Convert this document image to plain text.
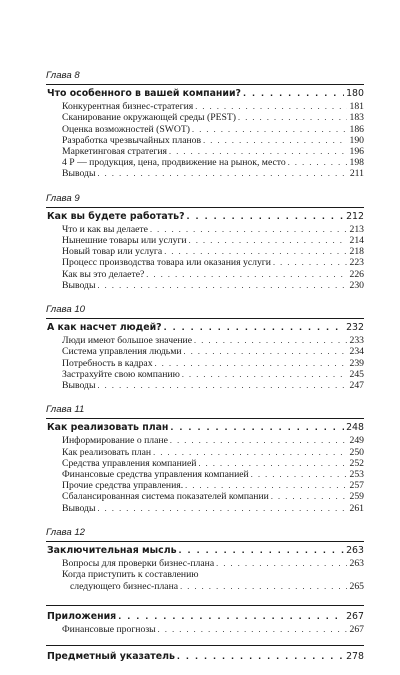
Глава 8
Что особенного в вашей компании? . . .	180
Конкурентная бизнес-стратегия . . .	181
Сканирование окружающей среды (PEST) . . .	183
Оценка возможностей (SWOT) . . .	186
Разработка чрезвычайных планов . . .	190
Маркетинговая стратегия . . .	196
4 Р — продукция, цена, продвижение на рынок, место . . .	198
Выводы . . .	211
Глава 9
Как вы будете работать? . . .	212
Что и как вы делаете . . .	213
Нынешние товары или услуги . . .	214
Новый товар или услуга . . .	218
Процесс производства товара или оказания услуги . . .	223
Как вы это делаете? . . .	226
Выводы . . .	230
Глава 10
А как насчет людей? . . .	232
Люди имеют большое значение . . .	233
Система управления людьми . . .	234
Потребность в кадрах . . .	239
Застрахуйте свою компанию . . .	245
Выводы . . .	247
Глава 11
Как реализовать план . . .	248
Информирование о плане . . .	249
Как реализовать план . . .	250
Средства управления компанией . . .	252
Финансовые средства управления компанией . . .	253
Прочие средства управления. . . .	257
Сбалансированная система показателей компании . . .	259
Выводы . . .	261
Глава 12
Заключительная мысль . . .	263
Вопросы для проверки бизнес-плана . . .	263
Когда приступить к составлению
следующего бизнес-плана . . .	265
Приложения . . .	267
Финансовые прогнозы . . .	267
Предметный указатель . . .	278
